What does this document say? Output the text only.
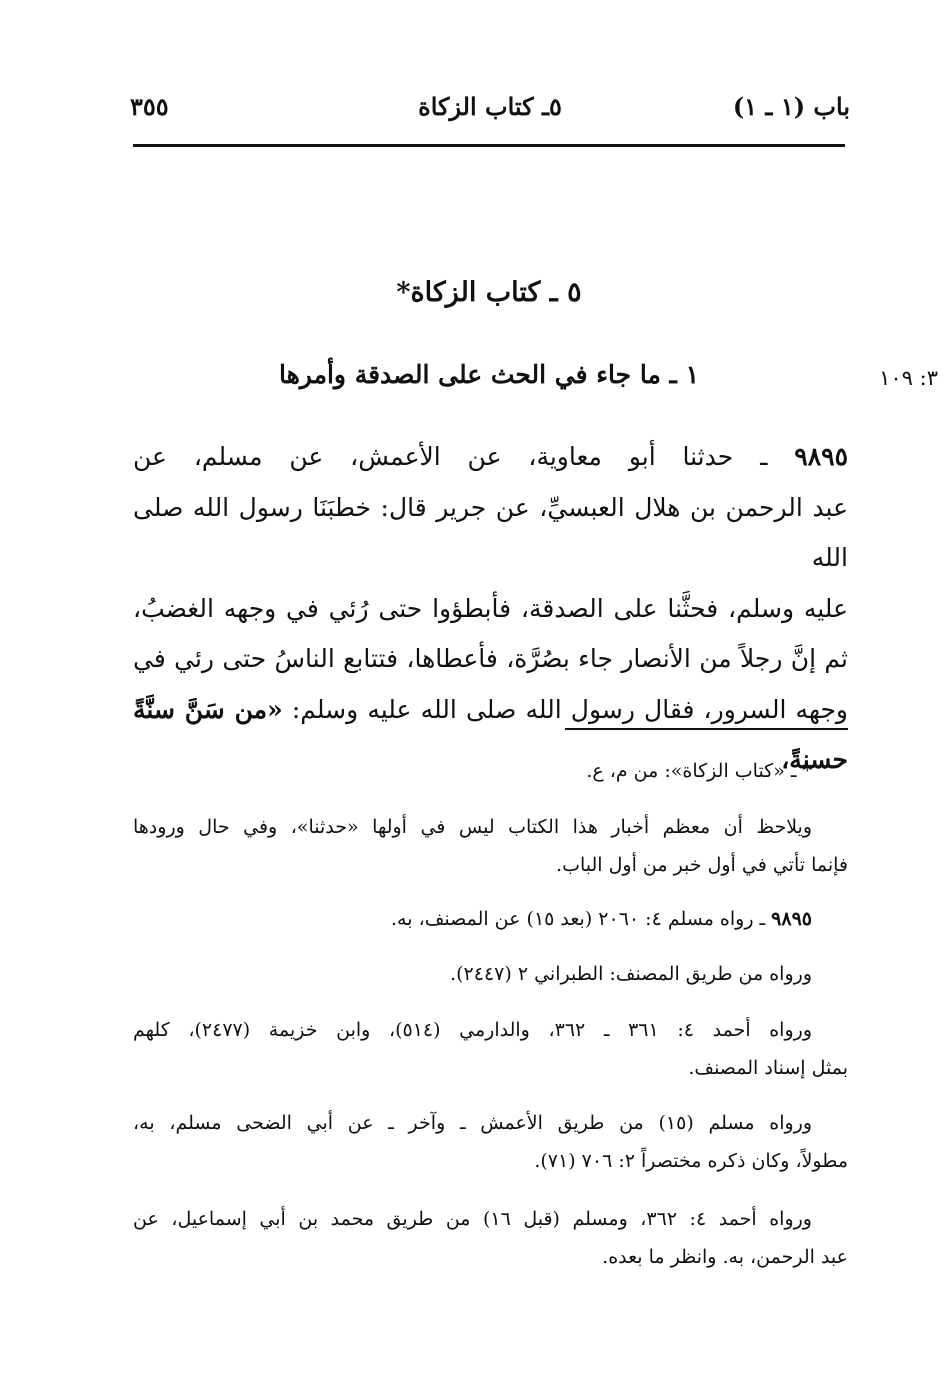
باب (١ ـ ١)
٥ـ كتاب الزكاة
٣٥٥
٥ ـ كتاب الزكاة*
١ ـ ما جاء في الحث على الصدقة وأمرها	٣: ١٠٩

٩٨٩٥ ـ حدثنا أبو معاوية، عن الأعمش، عن مسلم، عن

عبد الرحمن بن هلال العبسيِّ، عن جرير قال: خطبَنَا رسول الله صلى الله

عليه وسلم، فحثَّنا على الصدقة، فأبطؤوا حتى رُئي في وجهه الغضبُ،

ثم إنَّ رجلاً من الأنصار جاء بصُرَّة، فأعطاها، فتتابع الناسُ حتى رئي في

وجهه السرور، فقال رسول الله صلى الله عليه وسلم: «من سَنَّ سنَّةً حسنةً،

* ـ «كتاب الزكاة»: من م، ع.

ويلاحظ أن معظم أخبار هذا الكتاب ليس في أولها «حدثنا»، وفي حال ورودها

فإنما تأتي في أول خبر من أول الباب.

٩٨٩٥ ـ رواه مسلم ٤: ٢٠٦٠ (بعد ١٥) عن المصنف، به.

ورواه من طريق المصنف: الطبراني ٢ (٢٤٤٧).

ورواه أحمد ٤: ٣٦١ ـ ٣٦٢، والدارمي (٥١٤)، وابن خزيمة (٢٤٧٧)، كلهم

بمثل إسناد المصنف.

ورواه مسلم (١٥) من طريق الأعمش ـ وآخر ـ عن أبي الضحى مسلم، به،

مطولاً، وكان ذكره مختصراً ٢: ٧٠٦ (٧١).

ورواه أحمد ٤: ٣٦٢، ومسلم (قبل ١٦) من طريق محمد بن أبي إسماعيل، عن

عبد الرحمن، به. وانظر ما بعده.
